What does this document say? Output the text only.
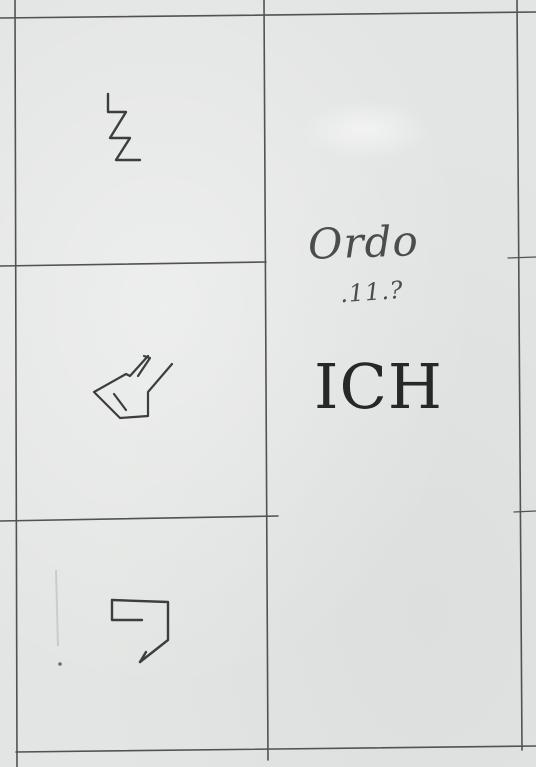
Ordo
.11.?
ICH
